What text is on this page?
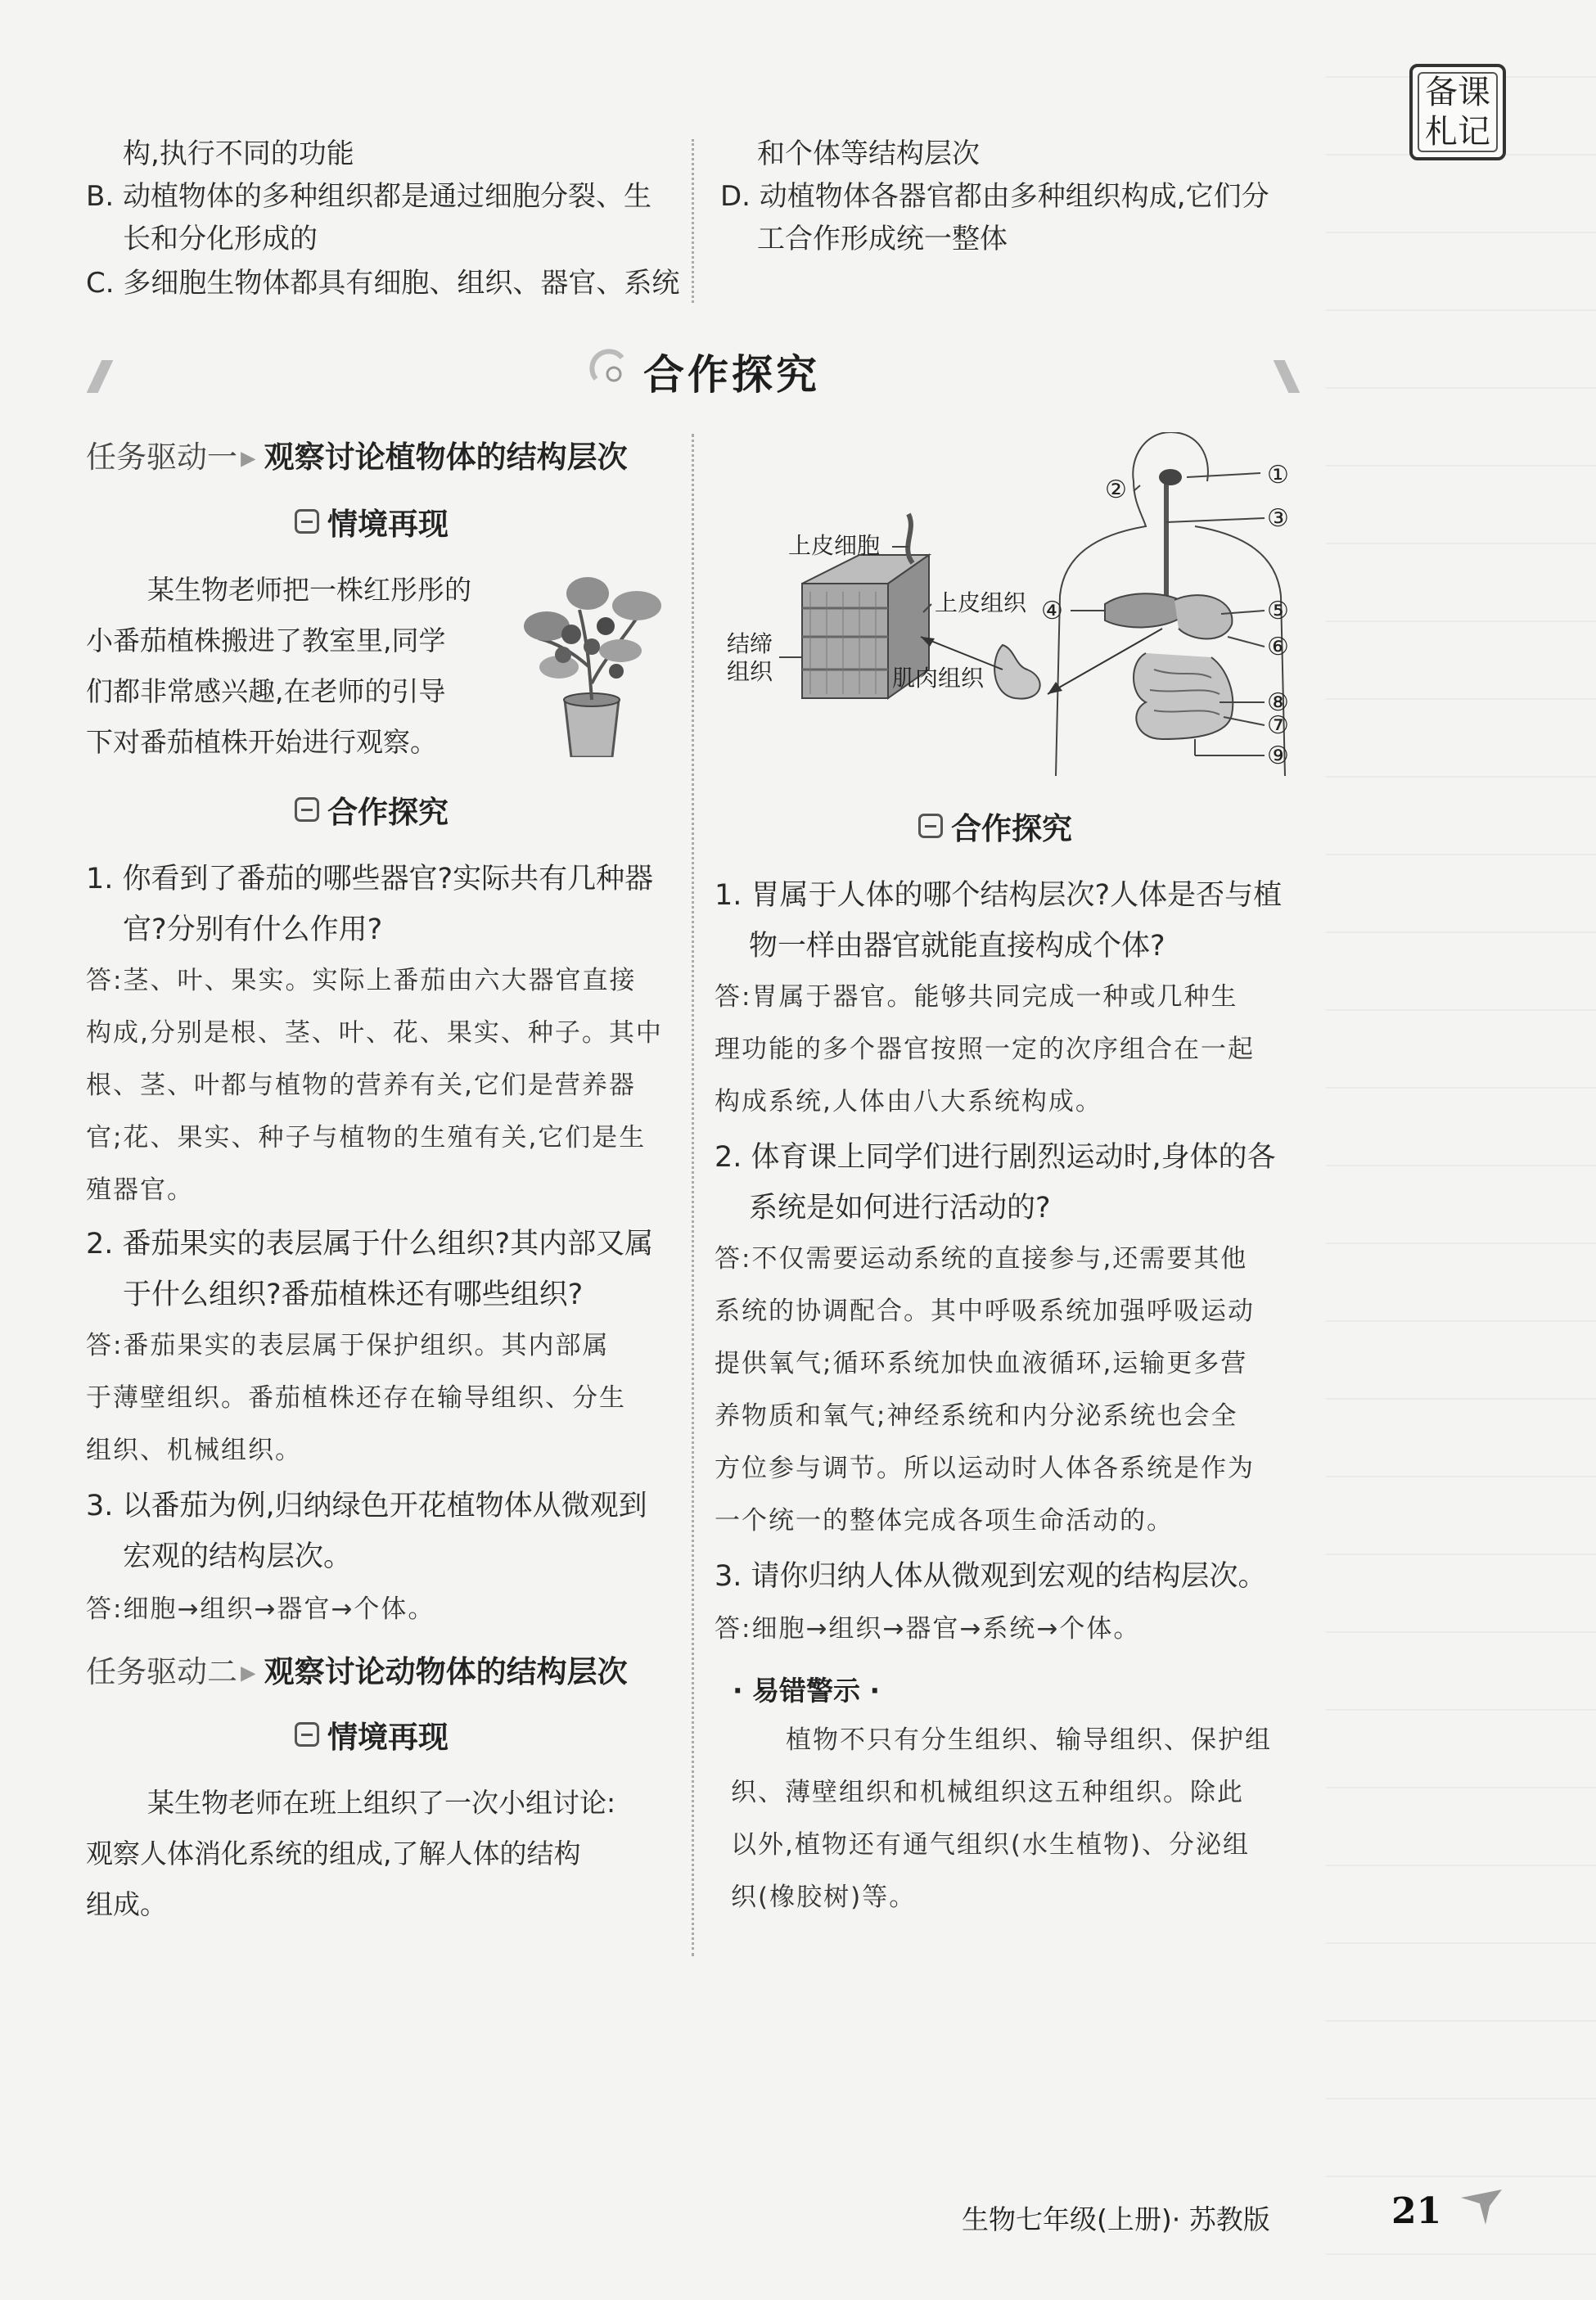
备课
札记
构,执行不同的功能
B. 动植物体的多种组织都是通过细胞分裂、生
长和分化形成的
C. 多细胞生物体都具有细胞、组织、器官、系统
和个体等结构层次
D. 动植物体各器官都由多种组织构成,它们分
工合作形成统一整体
合作探究
任务驱动一 ▸ 观察讨论植物体的结构层次
情境再现
某生物老师把一株红彤彤的
小番茄植株搬进了教室里,同学
们都非常感兴趣,在老师的引导
下对番茄植株开始进行观察。
合作探究
1. 你看到了番茄的哪些器官?实际共有几种器
官?分别有什么作用?
答:茎、叶、果实。实际上番茄由六大器官直接
构成,分别是根、茎、叶、花、果实、种子。其中
根、茎、叶都与植物的营养有关,它们是营养器
官;花、果实、种子与植物的生殖有关,它们是生
殖器官。
2. 番茄果实的表层属于什么组织?其内部又属
于什么组织?番茄植株还有哪些组织?
答:番茄果实的表层属于保护组织。其内部属
于薄壁组织。番茄植株还存在输导组织、分生
组织、机械组织。
3. 以番茄为例,归纳绿色开花植物体从微观到
宏观的结构层次。
答:细胞→组织→器官→个体。
任务驱动二 ▸ 观察讨论动物体的结构层次
情境再现
某生物老师在班上组织了一次小组讨论:
观察人体消化系统的组成,了解人体的结构
组成。
上皮细胞
上皮组织
结缔
组织	肌肉组织
①
②
③
④	⑤
⑥
⑦
⑧
⑨
合作探究
1. 胃属于人体的哪个结构层次?人体是否与植
物一样由器官就能直接构成个体?
答:胃属于器官。能够共同完成一种或几种生
理功能的多个器官按照一定的次序组合在一起
构成系统,人体由八大系统构成。
2. 体育课上同学们进行剧烈运动时,身体的各
系统是如何进行活动的?
答:不仅需要运动系统的直接参与,还需要其他
系统的协调配合。其中呼吸系统加强呼吸运动
提供氧气;循环系统加快血液循环,运输更多营
养物质和氧气;神经系统和内分泌系统也会全
方位参与调节。所以运动时人体各系统是作为
一个统一的整体完成各项生命活动的。
3. 请你归纳人体从微观到宏观的结构层次。
答:细胞→组织→器官→系统→个体。
· 易错警示 ·
植物不只有分生组织、输导组织、保护组
织、薄壁组织和机械组织这五种组织。除此
以外,植物还有通气组织(水生植物)、分泌组
织(橡胶树)等。
生物七年级(上册)· 苏教版	21
